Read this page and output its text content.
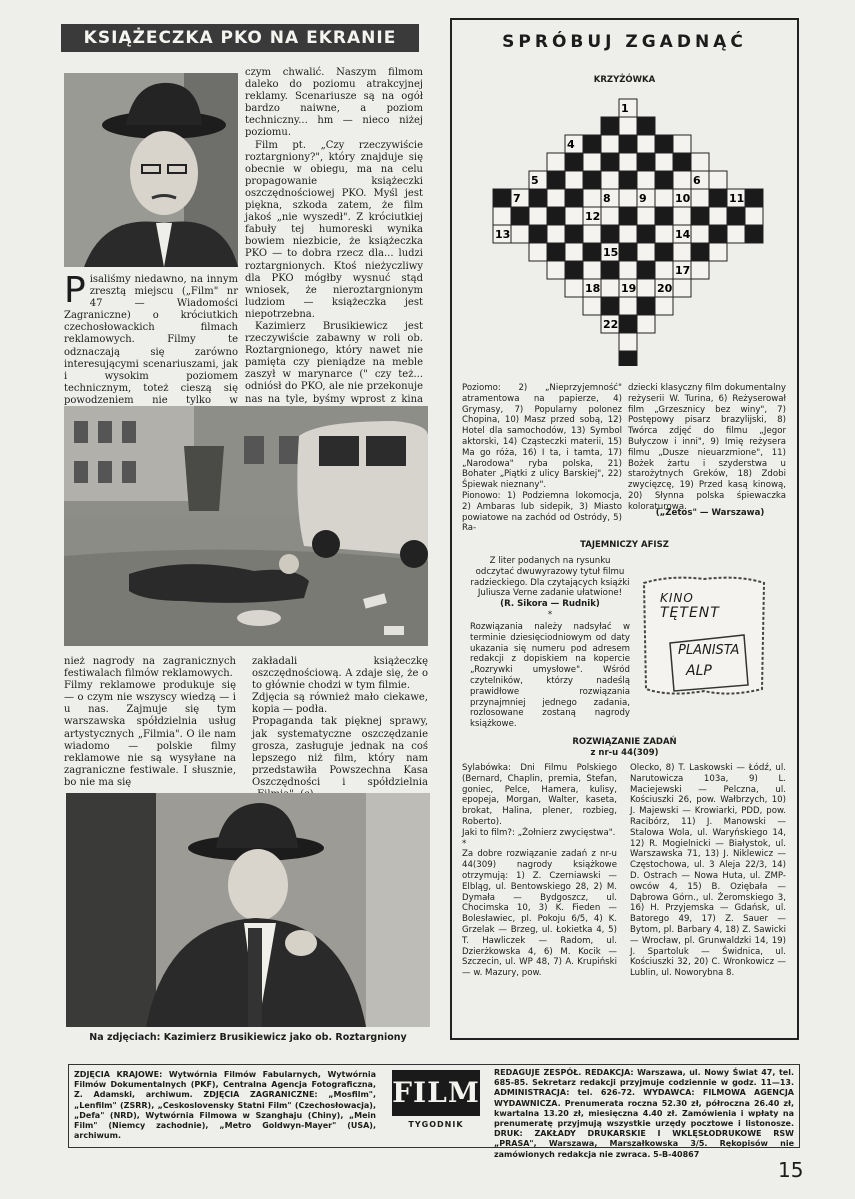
KSIĄŻECZKA PKO NA EKRANIE
Pisaliśmy niedawno, na innym zresztą miejscu („Film" nr 47 — Wiadomości Zagraniczne) o króciutkich czechosłowackich filmach reklamowych. Filmy te odznaczają się zarówno interesującymi scenariuszami, jak i wysokim poziomem technicznym, toteż cieszą się powodzeniem nie tylko w

czym chwalić. Naszym filmom daleko do poziomu atrakcyjnej reklamy. Scenariusze są na ogół bardzo naiwne, a poziom techniczny... hm — nieco niżej poziomu.

Film pt. „Czy rzeczywiście roztargniony?", który znajduje się obecnie w obiegu, ma na celu propagowanie książeczki oszczędnościowej PKO. Myśl jest piękna, szkoda zatem, że film jakoś „nie wyszedł". Z króciutkiej fabuły tej humoreski wynika bowiem niezbicie, że książeczka PKO — to dobra rzecz dla... ludzi roztargnionych. Ktoś nieżyczliwy dla PKO mógłby wysnuć stąd wniosek, że nieroztargnionym ludziom — książeczka jest niepotrzebna.

Kazimierz Brusikiewicz jest rzeczywiście zabawny w roli ob. Roztargnionego, który nawet nie pamięta czy pieniądze na meble zaszył w marynarce (" czy też... odniósł do PKO, ale nie przekonuje nas na tyle, byśmy wprost z kina

nież nagrody na zagranicznych festiwalach filmów reklamowych.
Filmy reklamowe produkuje się — o czym nie wszyscy wiedzą — i u nas. Zajmuje się tym warszawska spółdzielnia usług artystycznych „Filmia". O ile nam wiadomo — polskie filmy reklamowe nie są wysyłane na zagraniczne festiwale. I słusznie, bo nie ma się
zakładali książeczkę oszczędnościową. A zdaje się, że o to głównie chodzi w tym filmie.
Zdjęcia są również mało ciekawe, kopia — podła.
Propaganda tak pięknej sprawy, jak systematyczne oszczędzanie grosza, zasługuje jednak na coś lepszego niż film, który nam przedstawiła Powszechna Kasa Oszczędności i spółdzielnia
Na zdjęciach: Kazimierz Brusikiewicz jako ob. Roztargniony
SPRÓBUJ ZGADNĄĆ
KRZYŻÓWKA
1
4
5	6
7	8	9	10	11
12
13	14
15
17
18 19 20
22
Poziomo: 2) „Nieprzyjemność" atramentowa na papierze, 4) Grymasy, 7) Popularny polonez Chopina, 10) Masz przed sobą, 12) Hotel dla samochodów, 13) Symbol aktorski, 14) Cząsteczki materii, 15) Ma go róża, 16) I ta, i tamta, 17) „Narodowa" ryba polska, 21) Bohater „Piątki z ulicy Barskiej", 22) Śpiewak nieznany".
Pionowo: 1) Podziemna lokomocja, 2) Ambaras lub sidepik, 3) Miasto powiatowe na zachód od Ostródy, 5) Ra-
dziecki klasyczny film dokumentalny reżyserii W. Turina, 6) Reżyserował film „Grzesznicy bez winy", 7) Postępowy pisarz brazylijski, 8) Twórca zdjęć do filmu „Jegor Bułyczow i inni", 9) Imię reżysera filmu „Dusze nieuarzmione", 11) Bożek żartu i szyderstwa u starożytnych Greków, 18) Zdobi zwycięzcę, 19) Przed kasą kinową, 20) Słynna polska śpiewaczka koloraturowa.
(„Zetos" — Warszawa)
TAJEMNICZY AFISZ
Z liter podanych na rysunku odczytać dwuwyrazowy tytuł filmu radzieckiego. Dla czytających książki Juliusza Verne zadanie ułatwione!
(R. Sikora — Rudnik)
*
Rozwiązania należy nadsyłać w terminie dziesięciodniowym od daty ukazania się numeru pod adresem redakcji z dopiskiem na kopercie „Rozrywki umysłowe". Wśród czytelników, którzy nadeślą prawidłowe rozwiązania przynajmniej jednego zadania, rozlosowane zostaną nagrody książkowe.
KINO
TĘTENT
PLANISTA
ALP
ROZWIĄZANIE ZADAŃ
z nr-u 44(309)
Sylabówka: Dni Filmu Polskiego (Bernard, Chaplin, premia, Stefan, goniec, Pelce, Hamera, kulisy, epopeja, Morgan, Walter, kaseta, brokat, Halina, plener, rozbieg, Roberto).
Jaki to film?: „Żołnierz zwycięstwa".
*
Za dobre rozwiązanie zadań z nr-u 44(309) nagrody książkowe otrzymują: 1) Z. Czerniawski — Elbląg, ul. Bentowskiego 28, 2) M. Dymała — Bydgoszcz, ul. Chocimska 10, 3) K. Fieden — Bolesławiec, pl. Pokoju 6/5, 4) K. Grzelak — Brzeg, ul. Łokietka 4, 5) T. Hawliczek — Radom, ul. Dzierżkowska 4, 6) M. Kocik — Szczecin, ul. WP 48, 7) A. Krupiński — w. Mazury, pow.
Olecko, 8) T. Laskowski — Łódź, ul. Narutowicza 103a, 9) L. Maciejewski — Pelczna, ul. Kościuszki 26, pow. Wałbrzych, 10) J. Majewski — Krowiarki, PDD, pow. Racibórz, 11) J. Manowski — Stalowa Wola, ul. Waryńskiego 14, 12) R. Mogielnicki — Białystok, ul. Warszawska 71, 13) J. Niklewicz — Częstochowa, ul. 3 Aleja 22/3, 14) D. Ostrach — Nowa Huta, ul. ZMP-owców 4, 15) B. Oziębała — Dąbrowa Górn., ul. Żeromskiego 3, 16) H. Przyjemska — Gdańsk, ul. Batorego 49, 17) Z. Sauer — Bytom, pl. Barbary 4, 18) Z. Sawicki — Wrocław, pl. Grunwaldzki 14, 19) J. Spartoluk — Świdnica, ul. Kościuszki 32, 20) C. Wronkowicz — Lublin, ul. Noworybna 8.
ZDJĘCIA KRAJOWE: Wytwórnia Filmów Fabularnych, Wytwórnia Filmów Dokumentalnych (PKF), Centralna Agencja Fotograficzna, Z. Adamski, archiwum. ZDJĘCIA ZAGRANICZNE: „Mosfilm", „Lenfilm" (ZSRR), „Ceskoslovensky Statni Film" (Czechosłowacja), „Defa" (NRD), Wytwórnia Filmowa w Szanghaju (Chiny), „Mein Film" (Niemcy zachodnie), „Metro Goldwyn-Mayer" (USA), archiwum.
FILM
TYGODNIK
REDAGUJE ZESPÓŁ. REDAKCJA: Warszawa, ul. Nowy Świat 47, tel. 685-85. Sekretarz redakcji przyjmuje codziennie w godz. 11—13. ADMINISTRACJA: tel. 626-72. WYDAWCA: FILMOWA AGENCJA WYDAWNICZA. Prenumerata roczna 52.30 zł, półroczna 26.40 zł, kwartalna 13.20 zł, miesięczna 4.40 zł. Zamówienia i wpłaty na prenumeratę przyjmują wszystkie urzędy pocztowe i listonosze. DRUK: ZAKŁADY DRUKARSKIE I WKLĘSŁODRUKOWE RSW „PRASA", Warszawa, Marszałkowska 3/5. Rękopisów nie zamówionych redakcja nie zwraca. 5-B-40867
15
